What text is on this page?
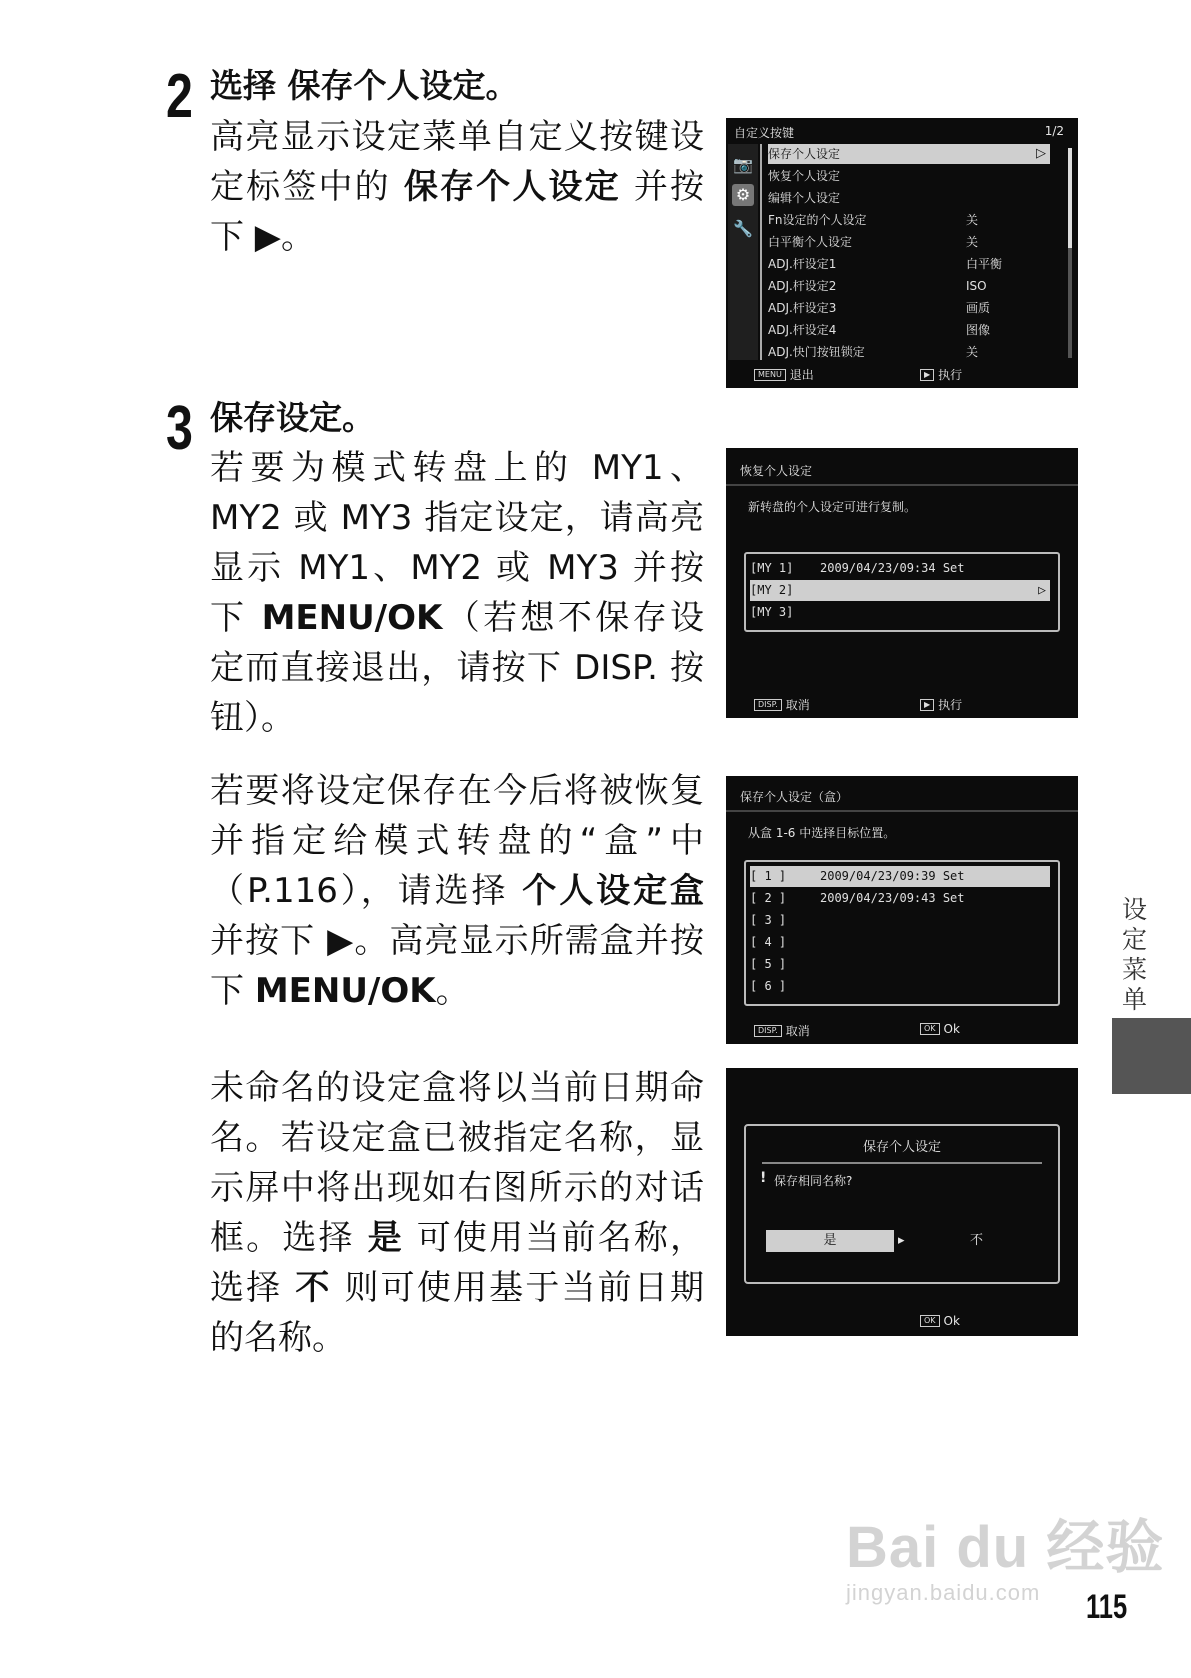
2 选择 保存个人设定。

高亮显示设定菜单自定义按键设定标签中的 保存个人设定 并按下 ▶。

自定义按键	1/2
📷
⚙
🔧
保存个人设定	▷
恢复个人设定
编辑个人设定
Fn设定的个人设定	关
白平衡个人设定	关
ADJ.杆设定1	白平衡
ADJ.杆设定2	ISO
ADJ.杆设定3	画质
ADJ.杆设定4	图像
ADJ.快门按钮锁定	关
MENU 退出	▶ 执行
3 保存设定。

若要为模式转盘上的 MY1、MY2 或 MY3 指定设定，请高亮显示 MY1、MY2 或 MY3 并按下 MENU/OK（若想不保存设定而直接退出，请按下 DISP. 按钮）。

恢复个人设定
新转盘的个人设定可进行复制。
[MY 1] 2009/04/23/09:34 Set
[MY 2]	▷
[MY 3]
DISP. 取消	▶ 执行

若要将设定保存在今后将被恢复并指定给模式转盘的“盒”中（P.116），请选择 个人设定盒 并按下 ▶。高亮显示所需盒并按下 MENU/OK。

保存个人设定（盒）
从盒 1-6 中选择目标位置。
[ 1 ]	2009/04/23/09:39 Set
[ 2 ]	2009/04/23/09:43 Set
[ 3 ]
[ 4 ]
[ 5 ]
[ 6 ]
DISP. 取消	OK Ok

未命名的设定盒将以当前日期命名。若设定盒已被指定名称，显示屏中将出现如右图所示的对话框。选择 是 可使用当前名称，选择 不 则可使用基于当前日期的名称。

保存个人设定
! 保存相同名称?
是	▸	不
OK Ok
设定菜单
Bai du 经验
jingyan.baidu.com	115
